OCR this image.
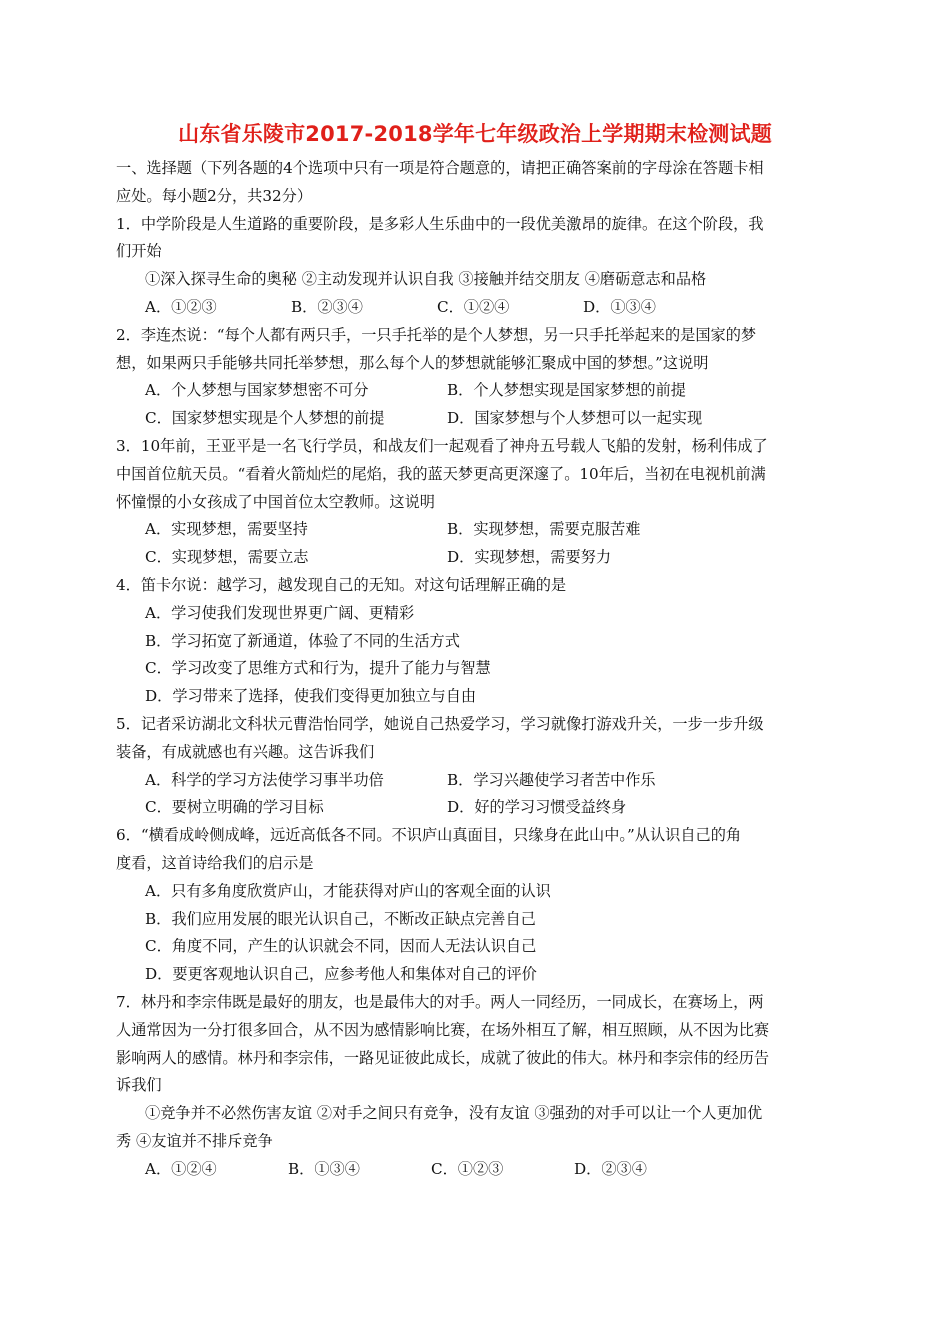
山东省乐陵市2017-2018学年七年级政治上学期期末检测试题
一、选择题（下列各题的4个选项中只有一项是符合题意的，请把正确答案前的字母涂在答题卡相
应处。每小题2分，共32分）
1．中学阶段是人生道路的重要阶段，是多彩人生乐曲中的一段优美激昂的旋律。在这个阶段，我
们开始
①深入探寻生命的奥秘 ②主动发现并认识自我 ③接触并结交朋友 ④磨砺意志和品格
A．①②③	B．②③④	C．①②④	D．①③④
2．李连杰说：“每个人都有两只手，一只手托举的是个人梦想，另一只手托举起来的是国家的梦
想，如果两只手能够共同托举梦想，那么每个人的梦想就能够汇聚成中国的梦想。”这说明
A．个人梦想与国家梦想密不可分	B．个人梦想实现是国家梦想的前提
C．国家梦想实现是个人梦想的前提	D．国家梦想与个人梦想可以一起实现
3．10年前，王亚平是一名飞行学员，和战友们一起观看了神舟五号载人飞船的发射，杨利伟成了
中国首位航天员。“看着火箭灿烂的尾焰，我的蓝天梦更高更深邃了。10年后，当初在电视机前满
怀憧憬的小女孩成了中国首位太空教师。这说明
A．实现梦想，需要坚持	B．实现梦想，需要克服苦难
C．实现梦想，需要立志	D．实现梦想，需要努力
4．笛卡尔说：越学习，越发现自己的无知。对这句话理解正确的是
A．学习使我们发现世界更广阔、更精彩
B．学习拓宽了新通道，体验了不同的生活方式
C．学习改变了思维方式和行为，提升了能力与智慧
D．学习带来了选择，使我们变得更加独立与自由
5．记者采访湖北文科状元曹浩怡同学，她说自己热爱学习，学习就像打游戏升关，一步一步升级
装备，有成就感也有兴趣。这告诉我们
A．科学的学习方法使学习事半功倍	B．学习兴趣使学习者苦中作乐
C．要树立明确的学习目标	D．好的学习习惯受益终身
6．“横看成岭侧成峰，远近高低各不同。不识庐山真面目，只缘身在此山中。”从认识自己的角
度看，这首诗给我们的启示是
A．只有多角度欣赏庐山，才能获得对庐山的客观全面的认识
B．我们应用发展的眼光认识自己，不断改正缺点完善自己
C．角度不同，产生的认识就会不同，因而人无法认识自己
D．要更客观地认识自己，应参考他人和集体对自己的评价
7．林丹和李宗伟既是最好的朋友，也是最伟大的对手。两人一同经历，一同成长，在赛场上，两
人通常因为一分打很多回合，从不因为感情影响比赛，在场外相互了解，相互照顾，从不因为比赛
影响两人的感情。林丹和李宗伟，一路见证彼此成长，成就了彼此的伟大。林丹和李宗伟的经历告
诉我们
①竞争并不必然伤害友谊 ②对手之间只有竞争，没有友谊 ③强劲的对手可以让一个人更加优
秀 ④友谊并不排斥竞争
A．①②④	B．①③④	C．①②③	D．②③④
